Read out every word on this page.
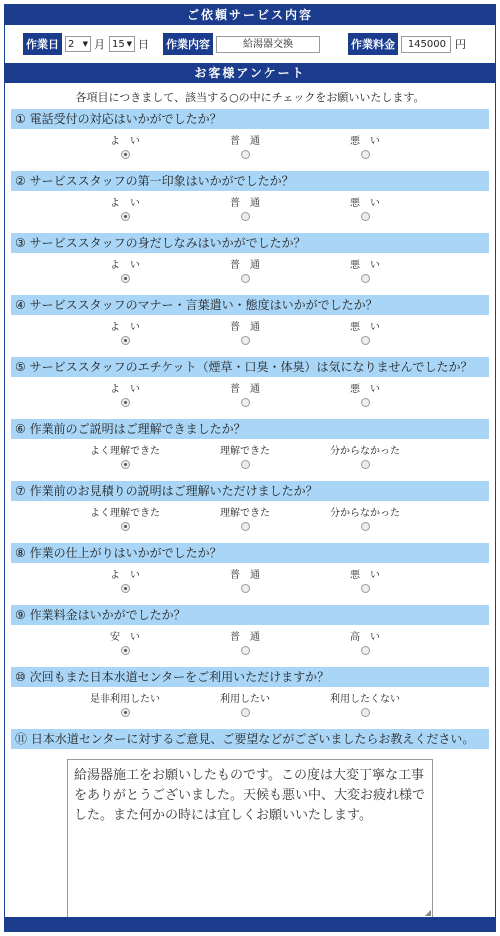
ご依頼サービス内容
作業日 2 ▼ 月 15 ▼ 日 作業内容	給湯器交換	作業料金	145000 円
お客様アンケート
各項目につきまして、該当する○の中にチェックをお願いいたします。
① 電話受付の対応はいかがでしたか？
よ　い	普　通	悪　い
② サービススタッフの第一印象はいかがでしたか？
よ　い	普　通	悪　い
③ サービススタッフの身だしなみはいかがでしたか？
よ　い	普　通	悪　い
④ サービススタッフのマナー・言葉遣い・態度はいかがでしたか？
よ　い	普　通	悪　い
⑤ サービススタッフのエチケット（煙草・口臭・体臭）は気になりませんでしたか？
よ　い	普　通	悪　い
⑥ 作業前のご説明はご理解できましたか？
よく理解できた	理解できた	分からなかった
⑦ 作業前のお見積りの説明はご理解いただけましたか？
よく理解できた	理解できた	分からなかった
⑧ 作業の仕上がりはいかがでしたか？
よ　い	普　通	悪　い
⑨ 作業料金はいかがでしたか？
安　い	普　通	高　い
⑩ 次回もまた日本水道センターをご利用いただけますか？
是非利用したい	利用したい	利用したくない
⑪ 日本水道センターに対するご意見、ご要望などがございましたらお教えください。
給湯器施工をお願いしたものです。この度は大変丁寧な工事をありがとうございました。天候も悪い中、大変お疲れ様でした。また何かの時には宜しくお願いいたします。
◢
